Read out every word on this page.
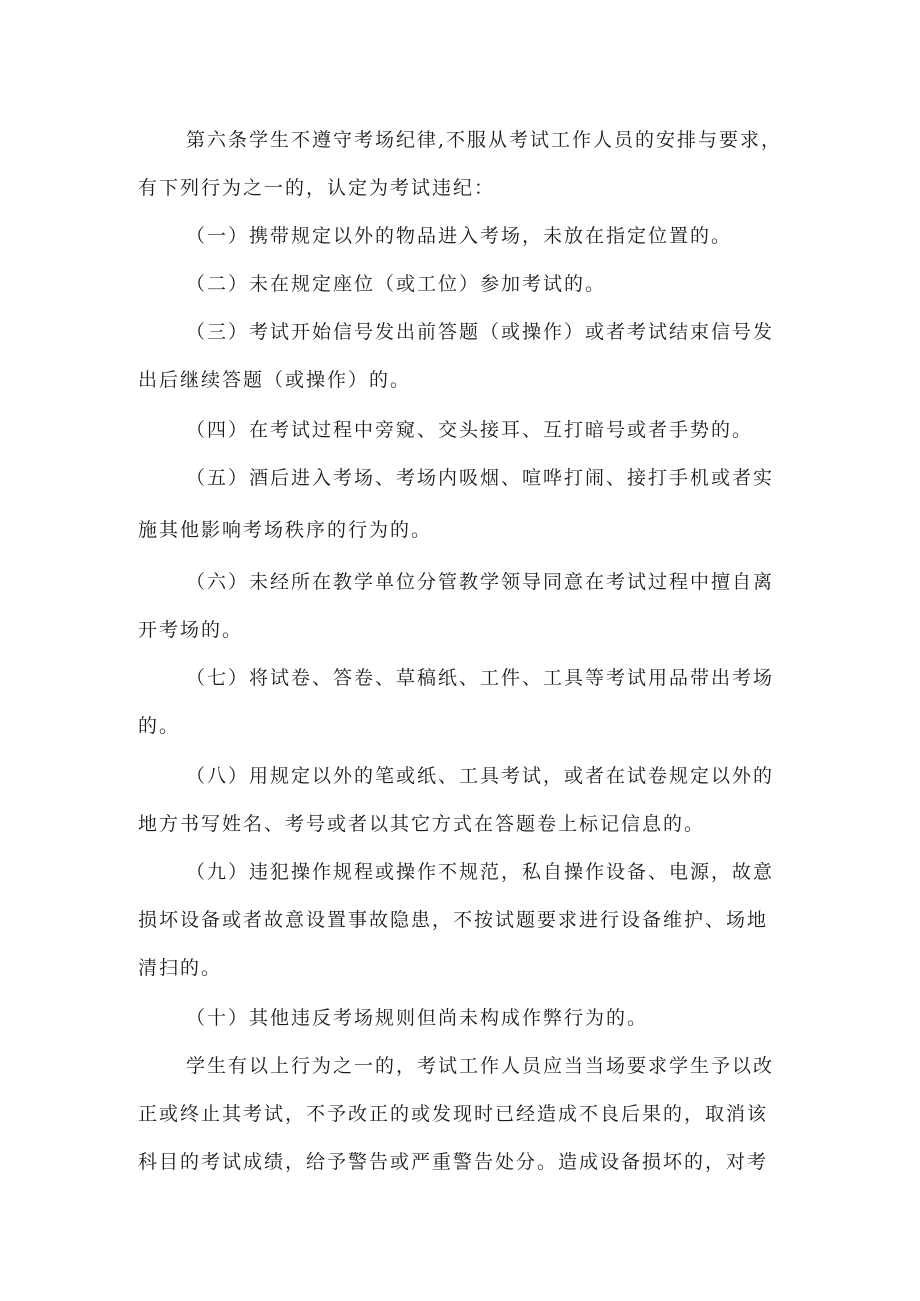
第六条学生不遵守考场纪律,不服从考试工作人员的安排与要求，
有下列行为之一的，认定为考试违纪：
（一）携带规定以外的物品进入考场，未放在指定位置的。
（二）未在规定座位（或工位）参加考试的。
（三）考试开始信号发出前答题（或操作）或者考试结束信号发
出后继续答题（或操作）的。
（四）在考试过程中旁窥、交头接耳、互打暗号或者手势的。
（五）酒后进入考场、考场内吸烟、喧哗打闹、接打手机或者实
施其他影响考场秩序的行为的。
（六）未经所在教学单位分管教学领导同意在考试过程中擅自离
开考场的。
（七）将试卷、答卷、草稿纸、工件、工具等考试用品带出考场
的。
（八）用规定以外的笔或纸、工具考试，或者在试卷规定以外的
地方书写姓名、考号或者以其它方式在答题卷上标记信息的。
（九）违犯操作规程或操作不规范，私自操作设备、电源，故意
损坏设备或者故意设置事故隐患，不按试题要求进行设备维护、场地
清扫的。
（十）其他违反考场规则但尚未构成作弊行为的。
学生有以上行为之一的，考试工作人员应当当场要求学生予以改
正或终止其考试，不予改正的或发现时已经造成不良后果的，取消该
科目的考试成绩，给予警告或严重警告处分。造成设备损坏的，对考
